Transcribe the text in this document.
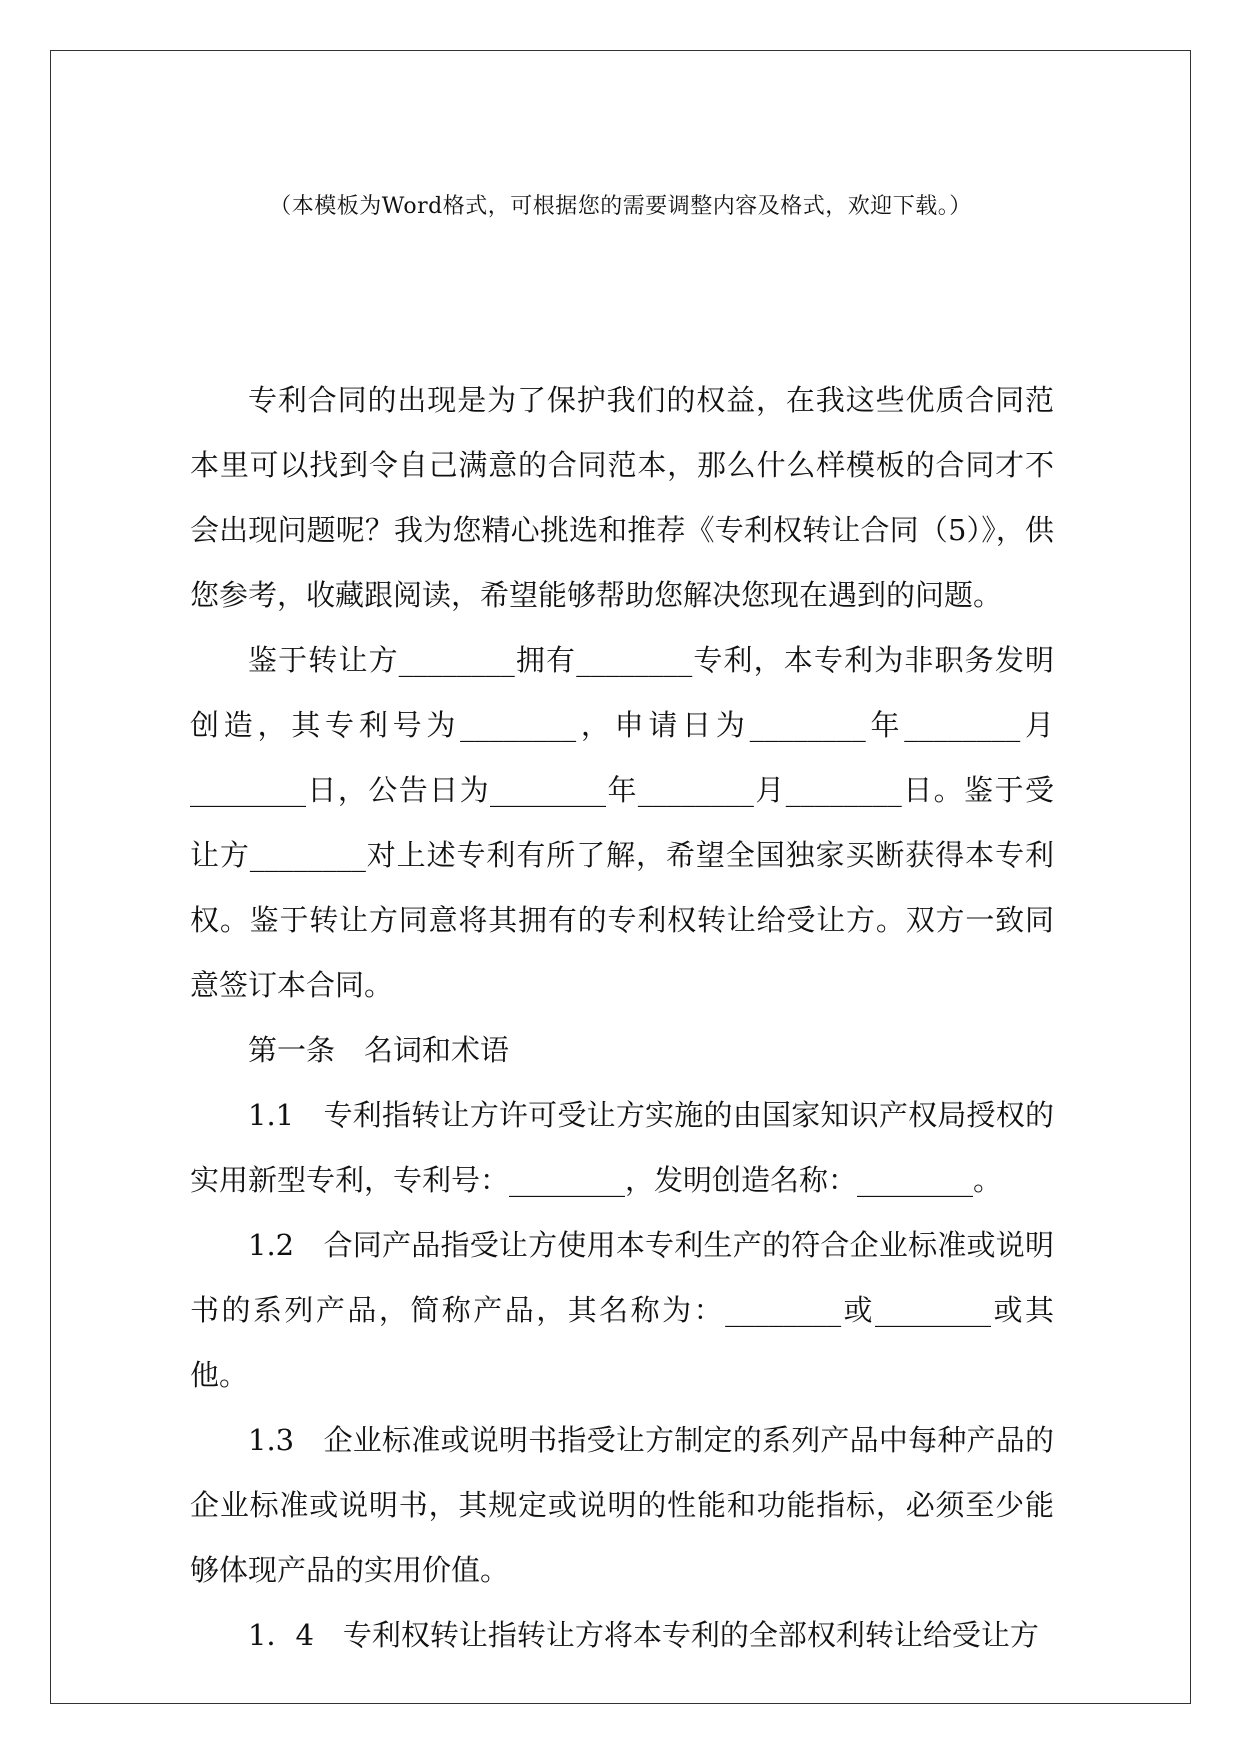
（本模板为Word格式，可根据您的需要调整内容及格式，欢迎下载。）

专利合同的出现是为了保护我们的权益，在我这些优质合同范本里可以找到令自己满意的合同范本，那么什么样模板的合同才不会出现问题呢？我为您精心挑选和推荐《专利权转让合同（5）》，供您参考，收藏跟阅读，希望能够帮助您解决您现在遇到的问题。

鉴于转让方________拥有________专利，本专利为非职务发明创造，其专利号为________，申请日为________年________月________日，公告日为________年________月________日。鉴于受让方________对上述专利有所了解，希望全国独家买断获得本专利权。鉴于转让方同意将其拥有的专利权转让给受让方。双方一致同意签订本合同。

第一条　名词和术语

1.1　专利指转让方许可受让方实施的由国家知识产权局授权的实用新型专利，专利号：________，发明创造名称：________。

1.2　合同产品指受让方使用本专利生产的符合企业标准或说明书的系列产品，简称产品，其名称为：________或________或其他。

1.3　企业标准或说明书指受让方制定的系列产品中每种产品的企业标准或说明书，其规定或说明的性能和功能指标，必须至少能够体现产品的实用价值。

1．4　专利权转让指转让方将本专利的全部权利转让给受让方
